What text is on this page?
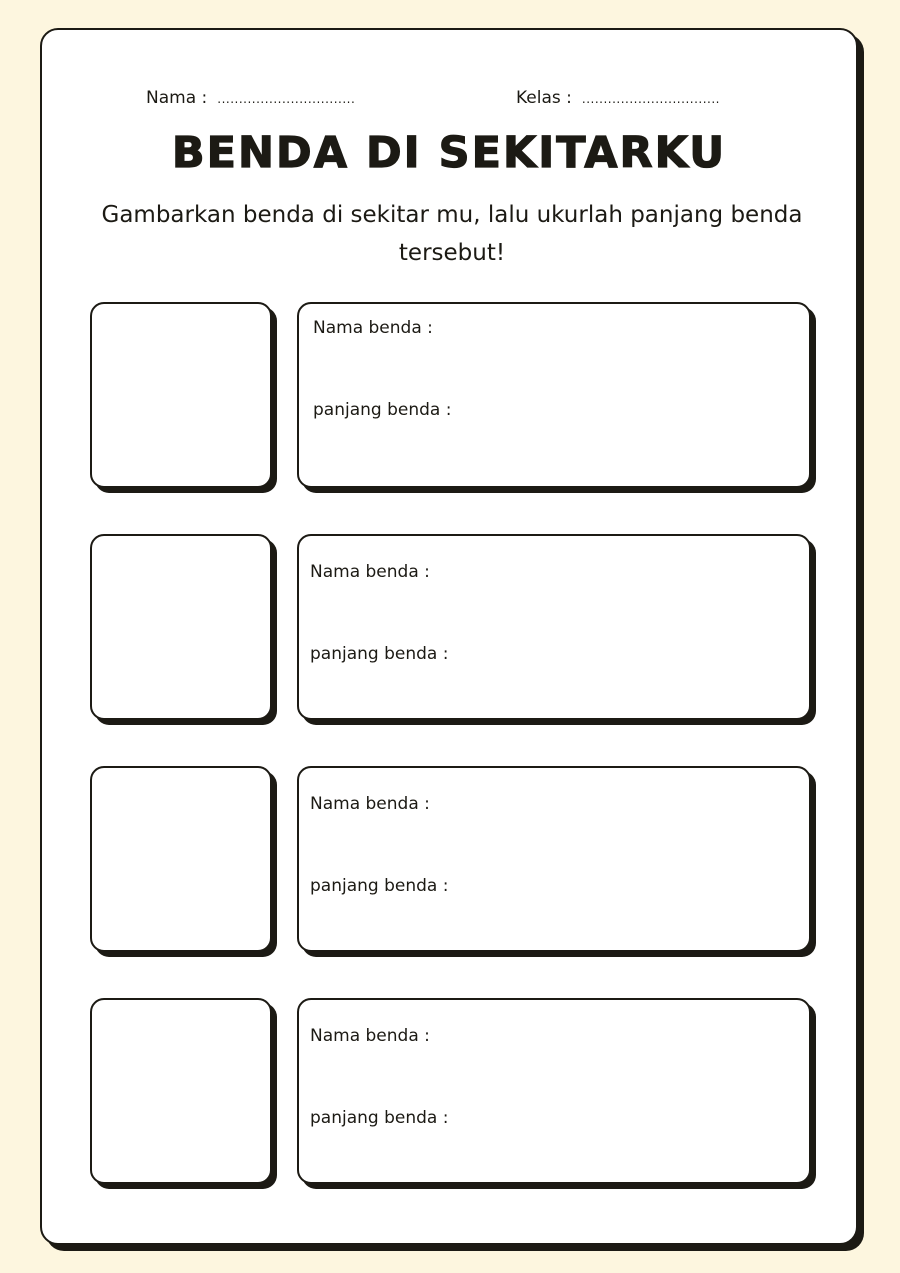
Nama : ................................	Kelas : ................................
BENDA DI SEKITARKU

Gambarkan benda di sekitar mu, lalu ukurlah panjang benda tersebut!

Nama benda :
panjang benda :
Nama benda :
panjang benda :
Nama benda :
panjang benda :
Nama benda :
panjang benda :
